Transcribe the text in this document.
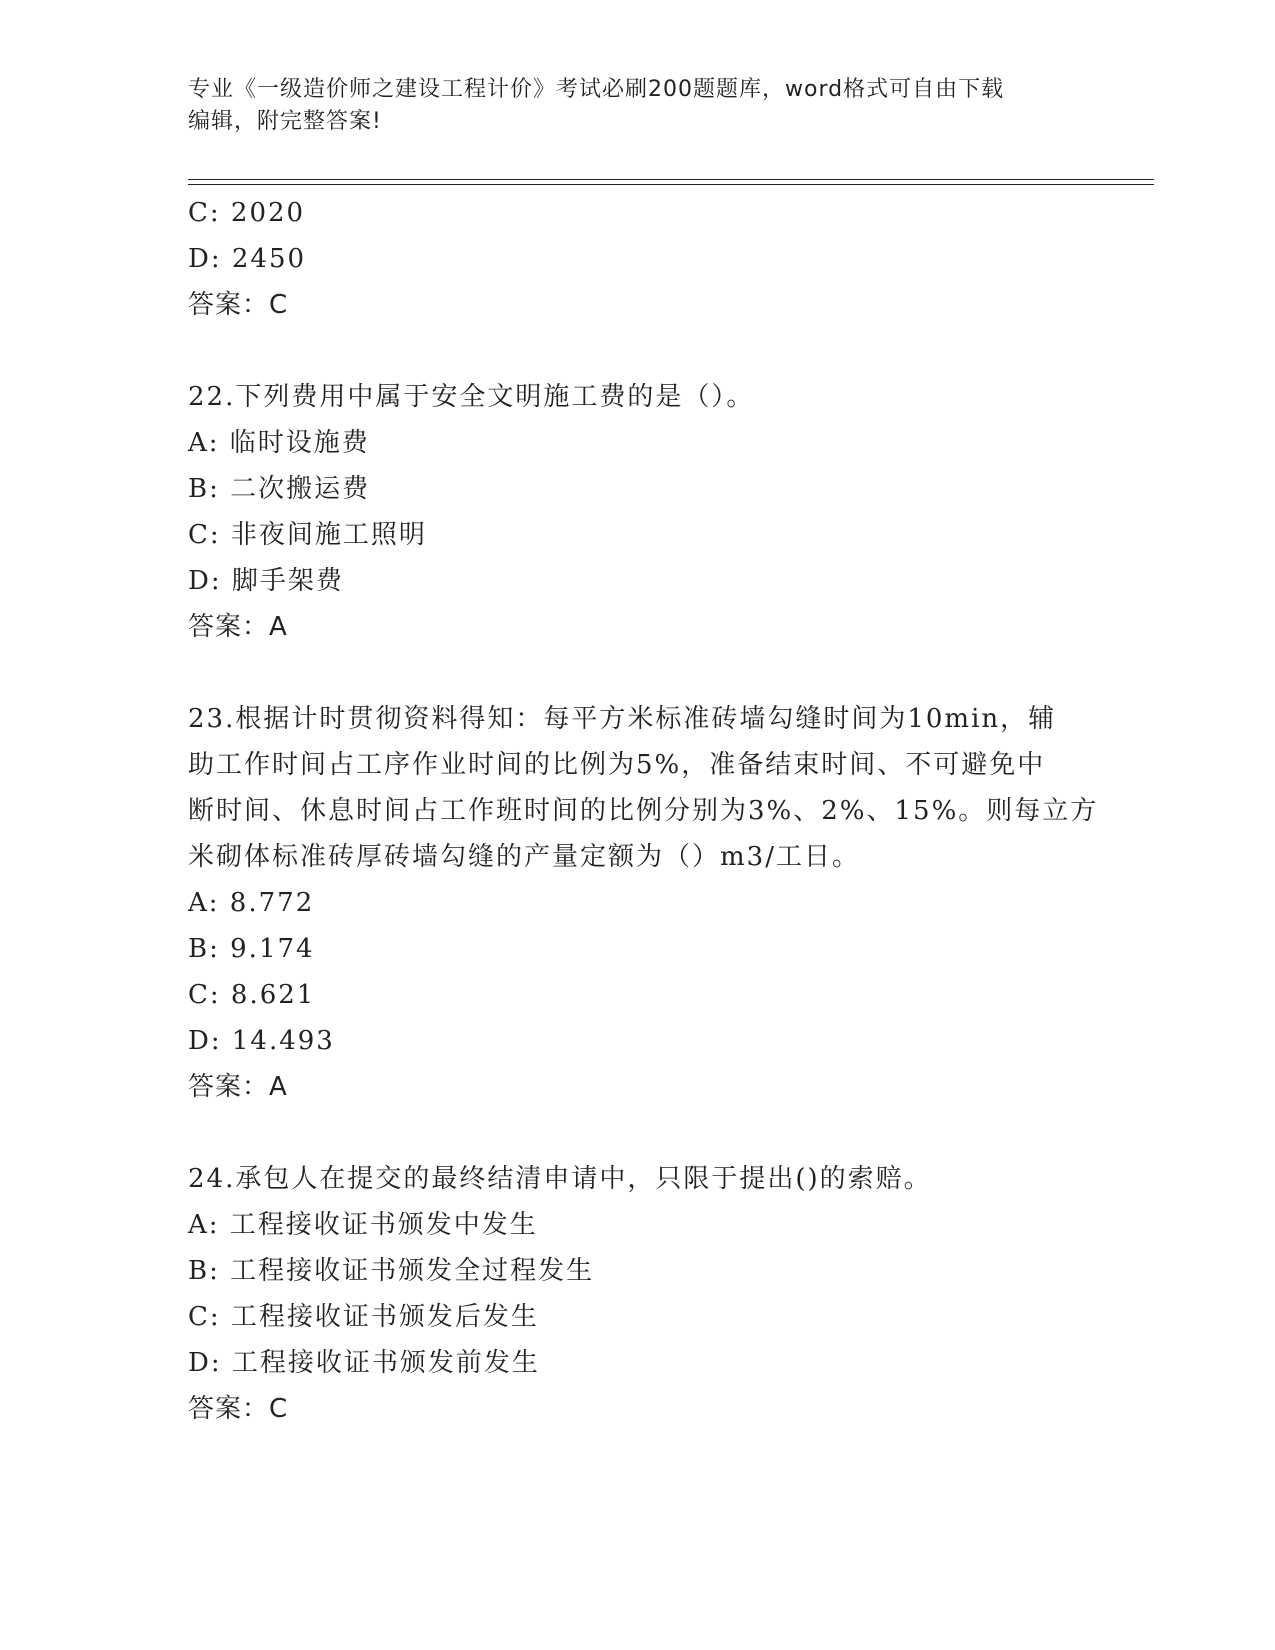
专业《一级造价师之建设工程计价》考试必刷200题题库，word格式可自由下载
编辑，附完整答案!
C: 2020
D: 2450
答案：C
22.下列费用中属于安全文明施工费的是（）。
A: 临时设施费
B: 二次搬运费
C: 非夜间施工照明
D: 脚手架费
答案：A
23.根据计时贯彻资料得知：每平方米标准砖墙勾缝时间为10min，辅
助工作时间占工序作业时间的比例为5%，准备结束时间、不可避免中
断时间、休息时间占工作班时间的比例分别为3%、2%、15%。则每立方
米砌体标准砖厚砖墙勾缝的产量定额为（）m3/工日。
A: 8.772
B: 9.174
C: 8.621
D: 14.493
答案：A
24.承包人在提交的最终结清申请中，只限于提出()的索赔。
A: 工程接收证书颁发中发生
B: 工程接收证书颁发全过程发生
C: 工程接收证书颁发后发生
D: 工程接收证书颁发前发生
答案：C
